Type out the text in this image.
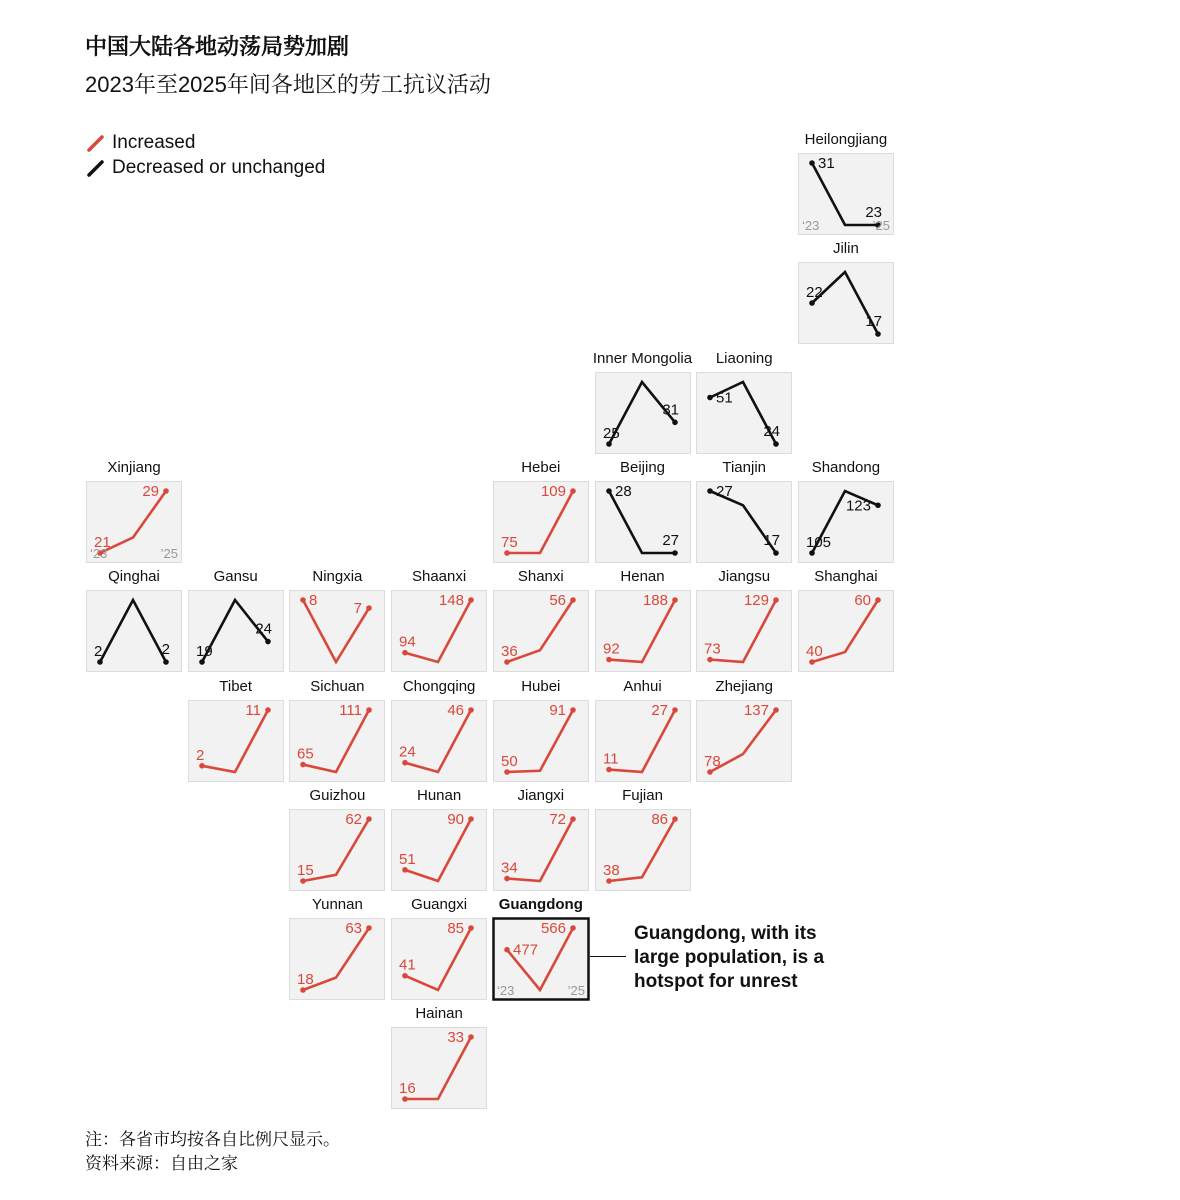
中国大陆各地动荡局势加剧
2023年至2025年间各地区的劳工抗议活动
Increased
Decreased or unchanged
Heilongjiang
31
23
‘23	’25
Jilin
22
17
Inner Mongolia
25
31
Liaoning
51
24
Xinjiang
21
29
‘23	’25
Hebei
75
109
Beijing
28
27
Tianjin
27
17
Shandong
105
123
Qinghai
2	2
Gansu
19
24
Ningxia
8 7
Shaanxi
94
148
Shanxi
36
56
Henan
92
188
Jiangsu
73
129
Shanghai
40
60
Tibet
2
11
Sichuan
65
111
Chongqing
24
46
Hubei
50
91
Anhui
11
27
Zhejiang
78
137
Guizhou
15
62
Hunan
51
90
Jiangxi
34
72
Fujian
38
86
Yunnan
18
63
Guangxi
41
85
Guangdong
477
566
‘23	’25
Hainan
16
33
Guangdong, with its large population, is a hotspot for unrest
注：各省市均按各自比例尺显示。
资料来源：自由之家
